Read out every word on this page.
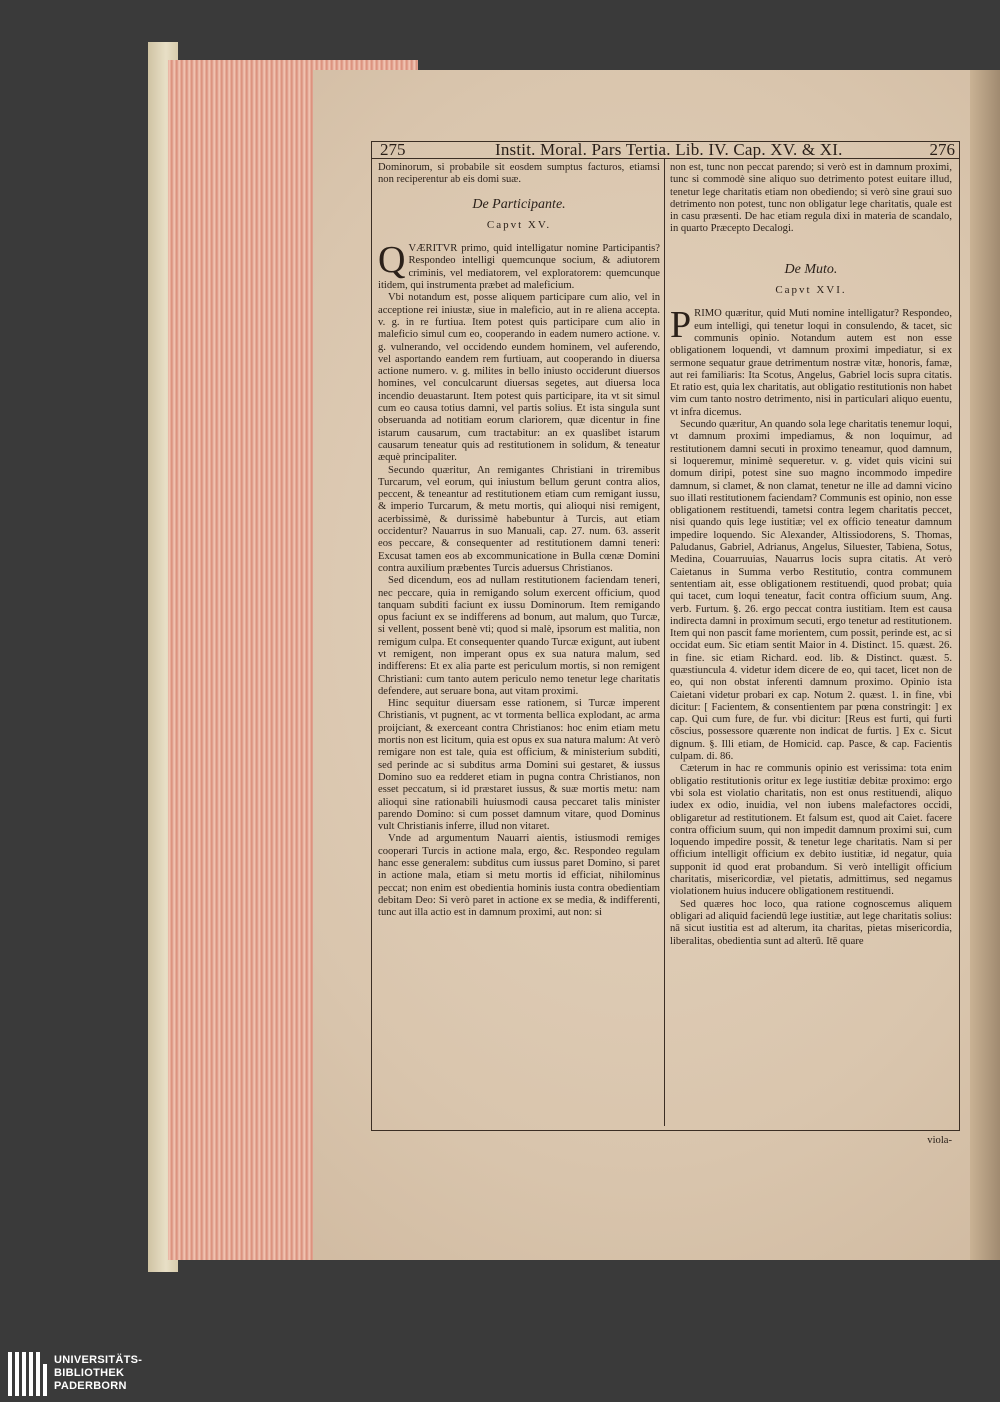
275	Instit. Moral. Pars Tertia. Lib. IV. Cap. XV. & XI.	276

Dominorum, si probabile sit eosdem sumptus facturos, etiamsi non reciperentur ab eis domi suæ.

De Participante.
Capvt XV.
Q VÆRITVR primo, quid intelligatur nomine Participantis? Respondeo intelligi quemcunque socium, & adiutorem criminis, vel mediatorem, vel exploratorem: quemcunque itidem, qui instrumenta præbet ad maleficium.

Vbi notandum est, posse aliquem participare cum alio, vel in acceptione rei iniustæ, siue in maleficio, aut in re aliena accepta. v. g. in re furtiua. Item potest quis participare cum alio in maleficio simul cum eo, cooperando in eadem numero actione. v. g. vulnerando, vel occidendo eundem hominem, vel auferendo, vel asportando eandem rem furtiuam, aut cooperando in diuersa actione numero. v. g. milites in bello iniusto occiderunt diuersos homines, vel conculcarunt diuersas segetes, aut diuersa loca incendio deuastarunt. Item potest quis participare, ita vt sit simul cum eo causa totius damni, vel partis solius. Et ista singula sunt obseruanda ad notitiam eorum clariorem, quæ dicentur in fine istarum causarum, cum tractabitur: an ex quaslibet istarum causarum teneatur quis ad restitutionem in solidum, & teneatur æquè principaliter.

Secundo quæritur, An remigantes Christiani in triremibus Turcarum, vel eorum, qui iniustum bellum gerunt contra alios, peccent, & teneantur ad restitutionem etiam cum remigant iussu, & imperio Turcarum, & metu mortis, qui alioqui nisi remigent, acerbissimè, & durissimè habebuntur à Turcis, aut etiam occidentur? Nauarrus in suo Manuali, cap. 27. num. 63. asserit eos peccare, & consequenter ad restitutionem damni teneri: Excusat tamen eos ab excommunicatione in Bulla cœnæ Domini contra auxilium præbentes Turcis aduersus Christianos.

Sed dicendum, eos ad nullam restitutionem faciendam teneri, nec peccare, quia in remigando solum exercent officium, quod tanquam subditi faciunt ex iussu Dominorum. Item remigando opus faciunt ex se indifferens ad bonum, aut malum, quo Turcæ, si vellent, possent benè vti; quod si malè, ipsorum est malitia, non remigum culpa. Et consequenter quando Turcæ exigunt, aut iubent vt remigent, non imperant opus ex sua natura malum, sed indifferens: Et ex alia parte est periculum mortis, si non remigent Christiani: cum tanto autem periculo nemo tenetur lege charitatis defendere, aut seruare bona, aut vitam proximi.

Hinc sequitur diuersam esse rationem, si Turcæ imperent Christianis, vt pugnent, ac vt tormenta bellica explodant, ac arma proijciant, & exerceant contra Christianos: hoc enim etiam metu mortis non est licitum, quia est opus ex sua natura malum: At verò remigare non est tale, quia est officium, & ministerium subditi, sed perinde ac si subditus arma Domini sui gestaret, & iussus Domino suo ea redderet etiam in pugna contra Christianos, non esset peccatum, si id præstaret iussus, & suæ mortis metu: nam alioqui sine rationabili huiusmodi causa peccaret talis minister parendo Domino: si cum posset damnum vitare, quod Dominus vult Christianis inferre, illud non vitaret.

Vnde ad argumentum Nauarri aientis, istiusmodi remiges cooperari Turcis in actione mala, ergo, &c. Respondeo regulam hanc esse generalem: subditus cum iussus paret Domino, si paret in actione mala, etiam si metu mortis id efficiat, nihilominus peccat; non enim est obedientia hominis iusta contra obedientiam debitam Deo: Si verò paret in actione ex se media, & indifferenti, tunc aut illa actio est in damnum proximi, aut non: si

non est, tunc non peccat parendo; si verò est in damnum proximi, tunc si commodè sine aliquo suo detrimento potest euitare illud, tenetur lege charitatis etiam non obediendo; si verò sine graui suo detrimento non potest, tunc non obligatur lege charitatis, quale est in casu præsenti. De hac etiam regula dixi in materia de scandalo, in quarto Præcepto Decalogi.

De Muto.
Capvt XVI.
P RIMO quæritur, quid Muti nomine intelligatur? Respondeo, eum intelligi, qui tenetur loqui in consulendo, & tacet, sic communis opinio. Notandum autem est non esse obligationem loquendi, vt damnum proximi impediatur, si ex sermone sequatur graue detrimentum nostræ vitæ, honoris, famæ, aut rei familiaris: Ita Scotus, Angelus, Gabriel locis supra citatis. Et ratio est, quia lex charitatis, aut obligatio restitutionis non habet vim cum tanto nostro detrimento, nisi in particulari aliquo euentu, vt infra dicemus.

Secundo quæritur, An quando sola lege charitatis tenemur loqui, vt damnum proximi impediamus, & non loquimur, ad restitutionem damni secuti in proximo teneamur, quod damnum, si loqueremur, minimè sequeretur. v. g. videt quis vicini sui domum diripi, potest sine suo magno incommodo impedire damnum, si clamet, & non clamat, tenetur ne ille ad damni vicino suo illati restitutionem faciendam? Communis est opinio, non esse obligationem restituendi, tametsi contra legem charitatis peccet, nisi quando quis lege iustitiæ; vel ex officio teneatur damnum impedire loquendo. Sic Alexander, Altissiodorens, S. Thomas, Paludanus, Gabriel, Adrianus, Angelus, Siluester, Tabiena, Sotus, Medina, Couarruuias, Nauarrus locis supra citatis. At verò Caietanus in Summa verbo Restitutio, contra communem sententiam ait, esse obligationem restituendi, quod probat; quia qui tacet, cum loqui teneatur, facit contra officium suum, Ang. verb. Furtum. §. 26. ergo peccat contra iustitiam. Item est causa indirecta damni in proximum secuti, ergo tenetur ad restitutionem. Item qui non pascit fame morientem, cum possit, perinde est, ac si occidat eum. Sic etiam sentit Maior in 4. Distinct. 15. quæst. 26. in fine. sic etiam Richard. eod. lib. & Distinct. quæst. 5. quæstiuncula 4. videtur idem dicere de eo, qui tacet, licet non de eo, qui non obstat inferenti damnum proximo. Opinio ista Caietani videtur probari ex cap. Notum 2. quæst. 1. in fine, vbi dicitur: [ Facientem, & consentientem par pœna constringit: ] ex cap. Qui cum fure, de fur. vbi dicitur: [Reus est furti, qui furti cōscius, possessore quærente non indicat de furtis. ] Ex c. Sicut dignum. §. Illi etiam, de Homicid. cap. Pasce, & cap. Facientis culpam. di. 86.

Cæterum in hac re communis opinio est verissima: tota enim obligatio restitutionis oritur ex lege iustitiæ debitæ proximo: ergo vbi sola est violatio charitatis, non est onus restituendi, aliquo iudex ex odio, inuidia, vel non iubens malefactores occidi, obligaretur ad restitutionem. Et falsum est, quod ait Caiet. facere contra officium suum, qui non impedit damnum proximi sui, cum loquendo impedire possit, & tenetur lege charitatis. Nam si per officium intelligit officium ex debito iustitiæ, id negatur, quia supponit id quod erat probandum. Si verò intelligit officium charitatis, misericordiæ, vel pietatis, admittimus, sed negamus violationem huius inducere obligationem restituendi.

Sed quæres hoc loco, qua ratione cognoscemus aliquem obligari ad aliquid faciendū lege iustitiæ, aut lege charitatis solius: nā sicut iustitia est ad alterum, ita charitas, pietas misericordia, liberalitas, obedientia sunt ad alterū. Itē quare

viola-
UNIVERSITÄTS-
BIBLIOTHEK
PADERBORN
